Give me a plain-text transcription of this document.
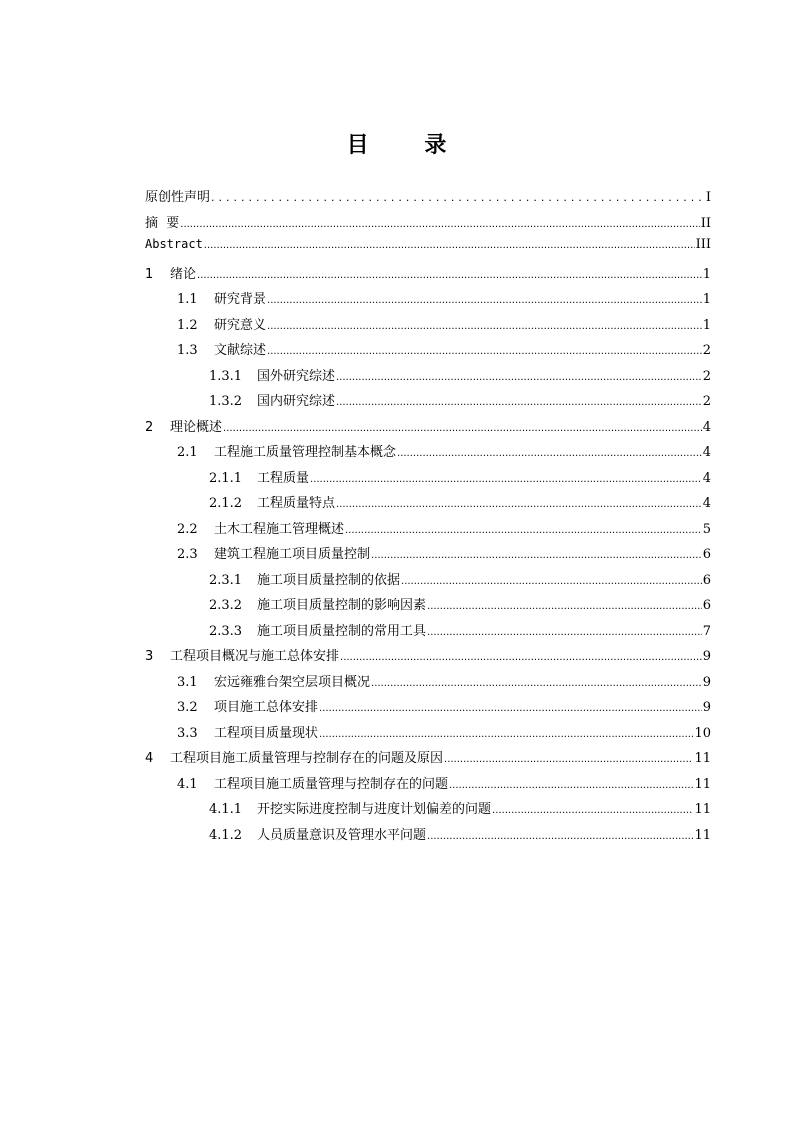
目 录
原创性声明 .....	I
摘  要 .....	II
Abstract .....	III
1	绪论 .....	1
1.1	研究背景 .....	1
1.2	研究意义 .....	1
1.3	文献综述 .....	2
1.3.1	国外研究综述 .....	2
1.3.2	国内研究综述 .....	2
2	理论概述 .....	4
2.1	工程施工质量管理控制基本概念 .....	4
2.1.1	工程质量 .....	4
2.1.2	工程质量特点 .....	4
2.2	土木工程施工管理概述 .....	5
2.3	建筑工程施工项目质量控制 .....	6
2.3.1	施工项目质量控制的依据 .....	6
2.3.2	施工项目质量控制的影响因素 .....	6
2.3.3	施工项目质量控制的常用工具 .....	7
3	工程项目概况与施工总体安排 .....	9
3.1	宏远雍雅台架空层项目概况 .....	9
3.2	项目施工总体安排 .....	9
3.3	工程项目质量现状 .....	10
4	工程项目施工质量管理与控制存在的问题及原因 .....	11
4.1	工程项目施工质量管理与控制存在的问题 .....	11
4.1.1	开挖实际进度控制与进度计划偏差的问题 .....	11
4.1.2	人员质量意识及管理水平问题 .....	11
